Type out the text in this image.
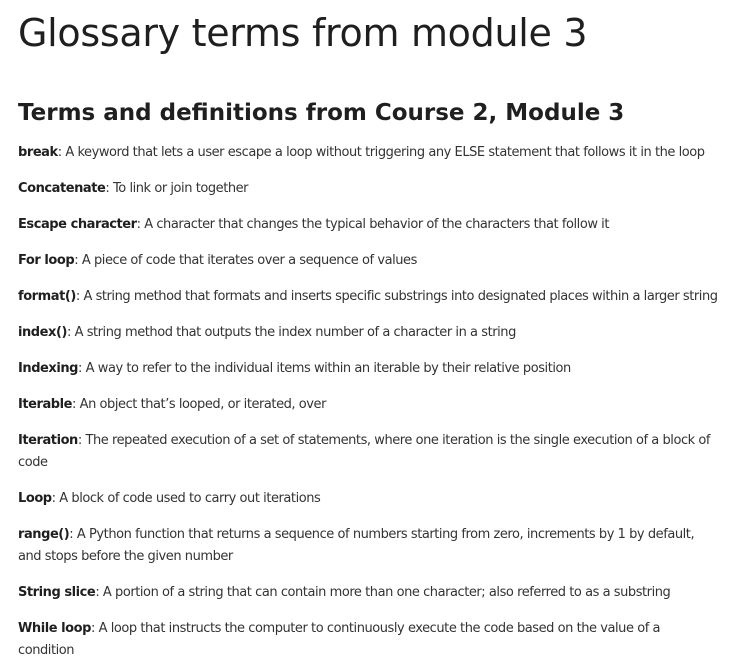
Glossary terms from module 3
Terms and definitions from Course 2, Module 3
break: A keyword that lets a user escape a loop without triggering any ELSE statement that follows it in the loop
Concatenate: To link or join together
Escape character: A character that changes the typical behavior of the characters that follow it
For loop: A piece of code that iterates over a sequence of values
format(): A string method that formats and inserts specific substrings into designated places within a larger string
index(): A string method that outputs the index number of a character in a string
Indexing: A way to refer to the individual items within an iterable by their relative position
Iterable: An object that’s looped, or iterated, over
Iteration: The repeated execution of a set of statements, where one iteration is the single execution of a block of code
Loop: A block of code used to carry out iterations
range(): A Python function that returns a sequence of numbers starting from zero, increments by 1 by default, and stops before the given number
String slice: A portion of a string that can contain more than one character; also referred to as a substring
While loop: A loop that instructs the computer to continuously execute the code based on the value of a condition
